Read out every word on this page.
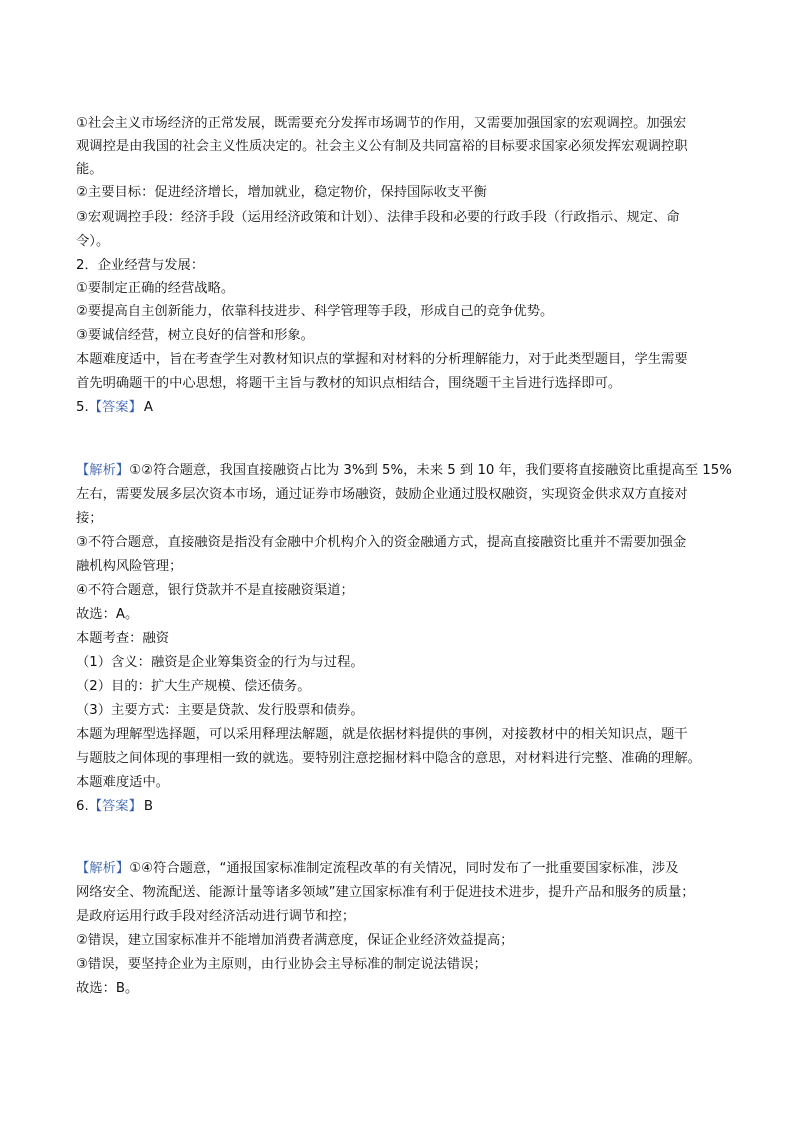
①社会主义市场经济的正常发展，既需要充分发挥市场调节的作用，又需要加强国家的宏观调控。加强宏
观调控是由我国的社会主义性质决定的。社会主义公有制及共同富裕的目标要求国家必须发挥宏观调控职
能。
②主要目标：促进经济增长，增加就业，稳定物价，保持国际收支平衡
③宏观调控手段：经济手段（运用经济政策和计划）、法律手段和必要的行政手段（行政指示、规定、命
令）。
2．企业经营与发展：
①要制定正确的经营战略。
②要提高自主创新能力，依靠科技进步、科学管理等手段，形成自己的竞争优势。
③要诚信经营，树立良好的信誉和形象。
本题难度适中，旨在考查学生对教材知识点的掌握和对材料的分析理解能力，对于此类型题目，学生需要
首先明确题干的中心思想，将题干主旨与教材的知识点相结合，围绕题干主旨进行选择即可。
5.【答案】 A
【解析】①②符合题意，我国直接融资占比为 3%到 5%，未来 5 到 10 年，我们要将直接融资比重提高至 15%
左右，需要发展多层次资本市场，通过证券市场融资，鼓励企业通过股权融资，实现资金供求双方直接对
接；
③不符合题意，直接融资是指没有金融中介机构介入的资金融通方式，提高直接融资比重并不需要加强金
融机构风险管理；
④不符合题意，银行贷款并不是直接融资渠道；
故选：A。
本题考查：融资
（1）含义：融资是企业筹集资金的行为与过程。
（2）目的：扩大生产规模、偿还债务。
（3）主要方式：主要是贷款、发行股票和债券。
本题为理解型选择题，可以采用释理法解题，就是依据材料提供的事例，对接教材中的相关知识点，题干
与题肢之间体现的事理相一致的就选。要特别注意挖掘材料中隐含的意思，对材料进行完整、准确的理解。
本题难度适中。
6.【答案】 B
【解析】①④符合题意，“通报国家标准制定流程改革的有关情况，同时发布了一批重要国家标准，涉及
网络安全、物流配送、能源计量等诸多领域”建立国家标准有利于促进技术进步，提升产品和服务的质量；
是政府运用行政手段对经济活动进行调节和控；
②错误，建立国家标准并不能增加消费者满意度，保证企业经济效益提高；
③错误，要坚持企业为主原则，由行业协会主导标准的制定说法错误；
故选：B。
